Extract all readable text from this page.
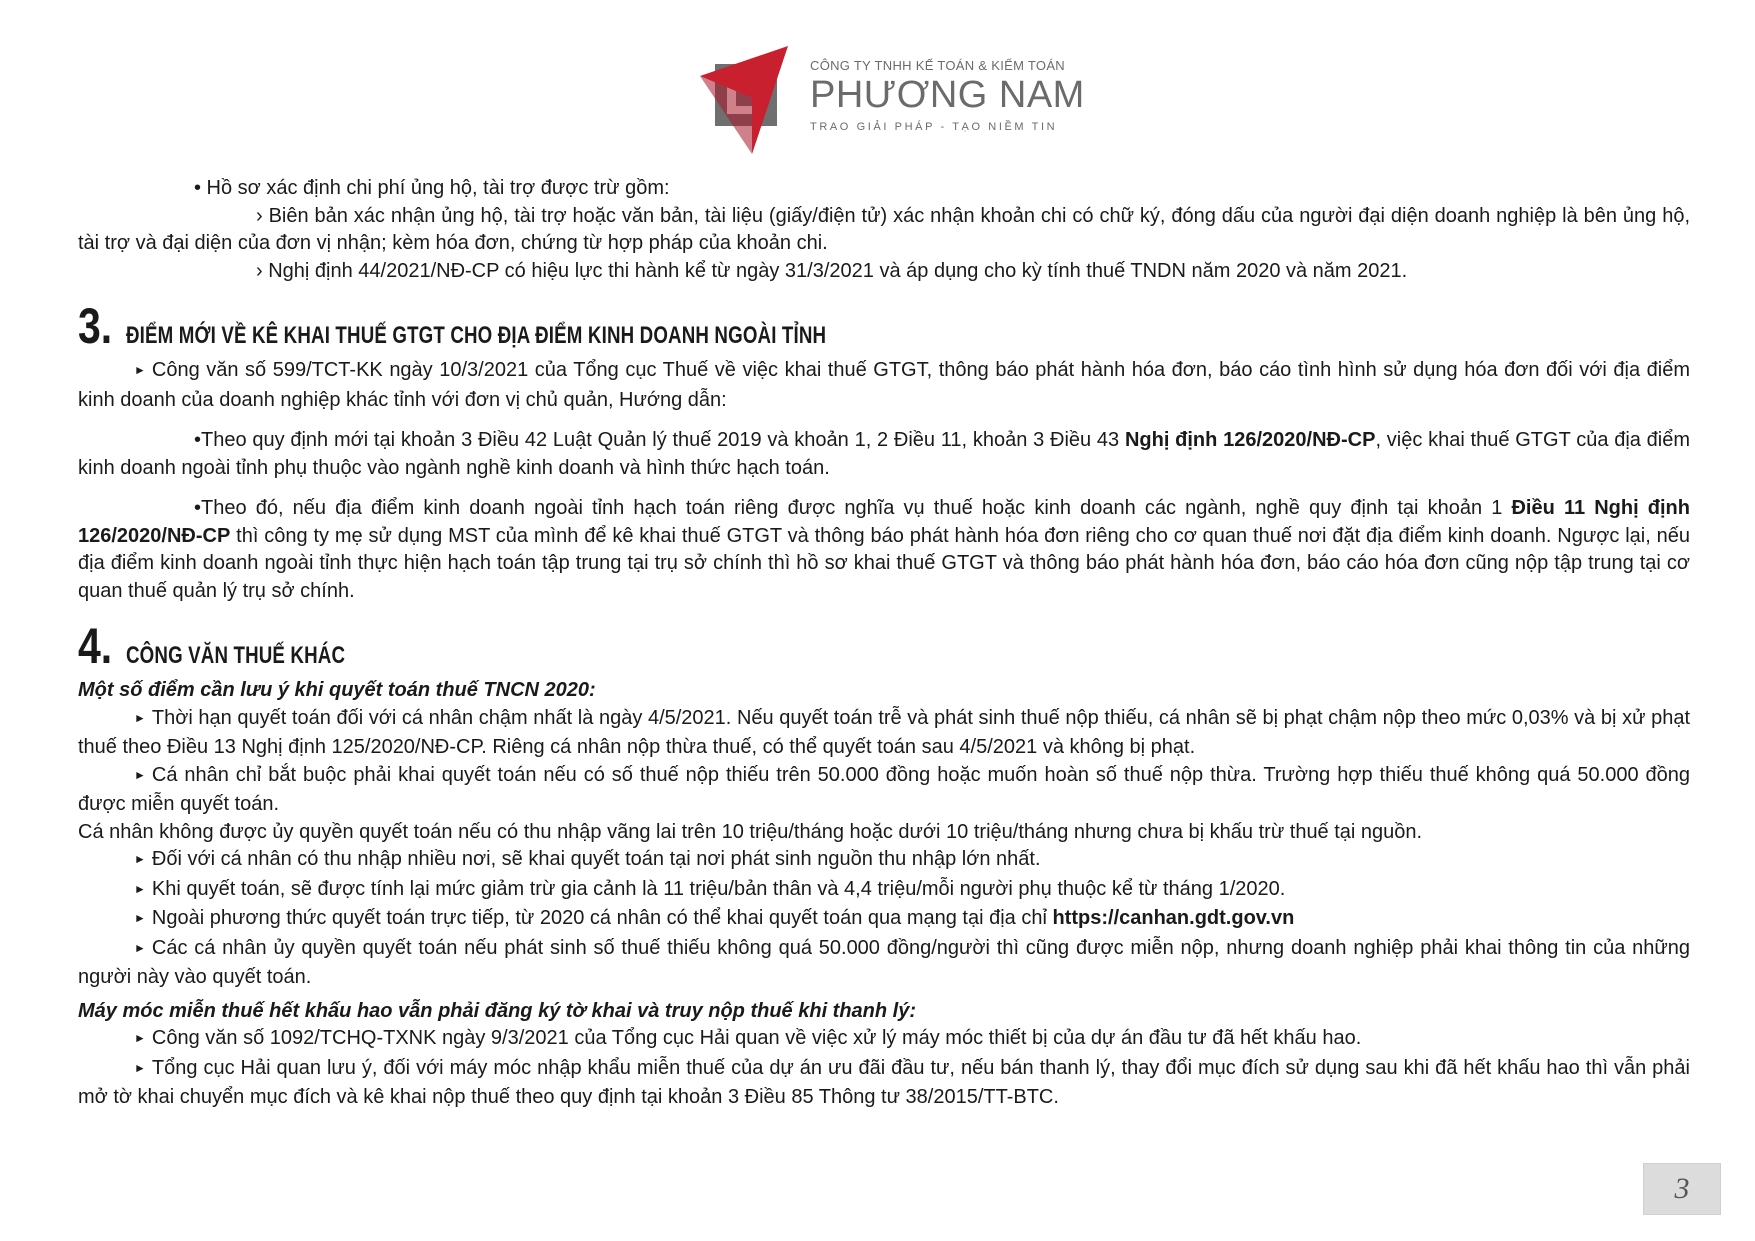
CÔNG TY TNHH KẾ TOÁN & KIỂM TOÁN
PHƯƠNG NAM
TRAO GIẢI PHÁP - TẠO NIỀM TIN

• Hồ sơ xác định chi phí ủng hộ, tài trợ được trừ gồm:

› Biên bản xác nhận ủng hộ, tài trợ hoặc văn bản, tài liệu (giấy/điện tử) xác nhận khoản chi có chữ ký, đóng dấu của người đại diện doanh nghiệp là bên ủng hộ, tài trợ và đại diện của đơn vị nhận; kèm hóa đơn, chứng từ hợp pháp của khoản chi.

› Nghị định 44/2021/NĐ-CP có hiệu lực thi hành kể từ ngày 31/3/2021 và áp dụng cho kỳ tính thuế TNDN năm 2020 và năm 2021.

3. ĐIỂM MỚI VỀ KÊ KHAI THUẾ GTGT CHO ĐỊA ĐIỂM KINH DOANH NGOÀI TỈNH

► Công văn số 599/TCT-KK ngày 10/3/2021 của Tổng cục Thuế về việc khai thuế GTGT, thông báo phát hành hóa đơn, báo cáo tình hình sử dụng hóa đơn đối với địa điểm kinh doanh của doanh nghiệp khác tỉnh với đơn vị chủ quản, Hướng dẫn:

•Theo quy định mới tại khoản 3 Điều 42 Luật Quản lý thuế 2019 và khoản 1, 2 Điều 11, khoản 3 Điều 43 Nghị định 126/2020/NĐ-CP, việc khai thuế GTGT của địa điểm kinh doanh ngoài tỉnh phụ thuộc vào ngành nghề kinh doanh và hình thức hạch toán.

•Theo đó, nếu địa điểm kinh doanh ngoài tỉnh hạch toán riêng được nghĩa vụ thuế hoặc kinh doanh các ngành, nghề quy định tại khoản 1 Điều 11 Nghị định 126/2020/NĐ-CP thì công ty mẹ sử dụng MST của mình để kê khai thuế GTGT và thông báo phát hành hóa đơn riêng cho cơ quan thuế nơi đặt địa điểm kinh doanh. Ngược lại, nếu địa điểm kinh doanh ngoài tỉnh thực hiện hạch toán tập trung tại trụ sở chính thì hồ sơ khai thuế GTGT và thông báo phát hành hóa đơn, báo cáo hóa đơn cũng nộp tập trung tại cơ quan thuế quản lý trụ sở chính.

4. CÔNG VĂN THUẾ KHÁC

Một số điểm cần lưu ý khi quyết toán thuế TNCN 2020:

► Thời hạn quyết toán đối với cá nhân chậm nhất là ngày 4/5/2021. Nếu quyết toán trễ và phát sinh thuế nộp thiếu, cá nhân sẽ bị phạt chậm nộp theo mức 0,03% và bị xử phạt thuế theo Điều 13 Nghị định 125/2020/NĐ-CP. Riêng cá nhân nộp thừa thuế, có thể quyết toán sau 4/5/2021 và không bị phạt.

► Cá nhân chỉ bắt buộc phải khai quyết toán nếu có số thuế nộp thiếu trên 50.000 đồng hoặc muốn hoàn số thuế nộp thừa. Trường hợp thiếu thuế không quá 50.000 đồng được miễn quyết toán.

Cá nhân không được ủy quyền quyết toán nếu có thu nhập vãng lai trên 10 triệu/tháng hoặc dưới 10 triệu/tháng nhưng chưa bị khấu trừ thuế tại nguồn.

► Đối với cá nhân có thu nhập nhiều nơi, sẽ khai quyết toán tại nơi phát sinh nguồn thu nhập lớn nhất.

► Khi quyết toán, sẽ được tính lại mức giảm trừ gia cảnh là 11 triệu/bản thân và 4,4 triệu/mỗi người phụ thuộc kể từ tháng 1/2020.

► Ngoài phương thức quyết toán trực tiếp, từ 2020 cá nhân có thể khai quyết toán qua mạng tại địa chỉ https://canhan.gdt.gov.vn

► Các cá nhân ủy quyền quyết toán nếu phát sinh số thuế thiếu không quá 50.000 đồng/người thì cũng được miễn nộp, nhưng doanh nghiệp phải khai thông tin của những người này vào quyết toán.

Máy móc miễn thuế hết khấu hao vẫn phải đăng ký tờ khai và truy nộp thuế khi thanh lý:

► Công văn số 1092/TCHQ-TXNK ngày 9/3/2021 của Tổng cục Hải quan về việc xử lý máy móc thiết bị của dự án đầu tư đã hết khấu hao.

► Tổng cục Hải quan lưu ý, đối với máy móc nhập khẩu miễn thuế của dự án ưu đãi đầu tư, nếu bán thanh lý, thay đổi mục đích sử dụng sau khi đã hết khấu hao thì vẫn phải mở tờ khai chuyển mục đích và kê khai nộp thuế theo quy định tại khoản 3 Điều 85 Thông tư 38/2015/TT-BTC.

3
